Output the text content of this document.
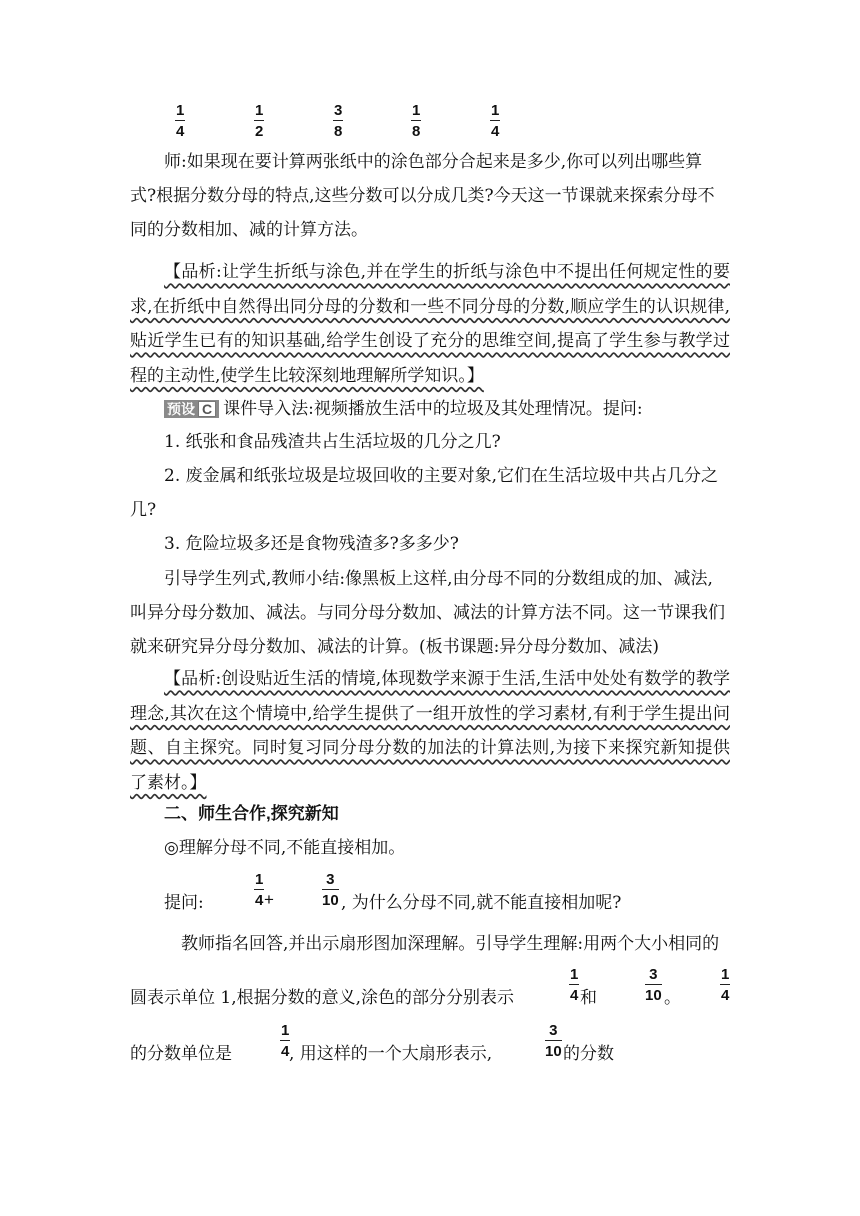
1
4
1
2
3
8
1
8
1
4
师:如果现在要计算两张纸中的涂色部分合起来是多少,你可以列出哪些算
式?根据分数分母的特点,这些分数可以分成几类?今天这一节课就来探索分母不
同的分数相加、减的计算方法。

【品析:让学生折纸与涂色,并在学生的折纸与涂色中不提出任何规定性的要求,在折纸中自然得出同分母的分数和一些不同分母的分数,顺应学生的认识规律,贴近学生已有的知识基础,给学生创设了充分的思维空间,提高了学生参与教学过程的主动性,使学生比较深刻地理解所学知识。】

预设 C 课件导入法:视频播放生活中的垃圾及其处理情况。提问:
1. 纸张和食品残渣共占生活垃圾的几分之几?
2. 废金属和纸张垃圾是垃圾回收的主要对象,它们在生活垃圾中共占几分之
几?
3. 危险垃圾多还是食物残渣多?多多少?
引导学生列式,教师小结:像黑板上这样,由分母不同的分数组成的加、减法,
叫异分母分数加、减法。与同分母分数加、减法的计算方法不同。这一节课我们
就来研究异分母分数加、减法的计算。(板书课题:异分母分数加、减法)

【品析:创设贴近生活的情境,体现数学来源于生活,生活中处处有数学的教学理念,其次在这个情境中,给学生提供了一组开放性的学习素材,有利于学生提出问题、自主探究。同时复习同分母分数的加法的计算法则,为接下来探究新知提供了素材。】

二、师生合作,探究新知
◎理解分母不同,不能直接相加。
提问:
1
4 +
3
10 , 为什么分母不同,就不能直接相加呢?
教师指名回答,并出示扇形图加深理解。引导学生理解:用两个大小相同的
圆表示单位 1,根据分数的意义,涂色的部分分别表示
1
4 和
3
10 。
1
4
的分数单位是
1
4 , 用这样的一个大扇形表示,
3
10 的分数
